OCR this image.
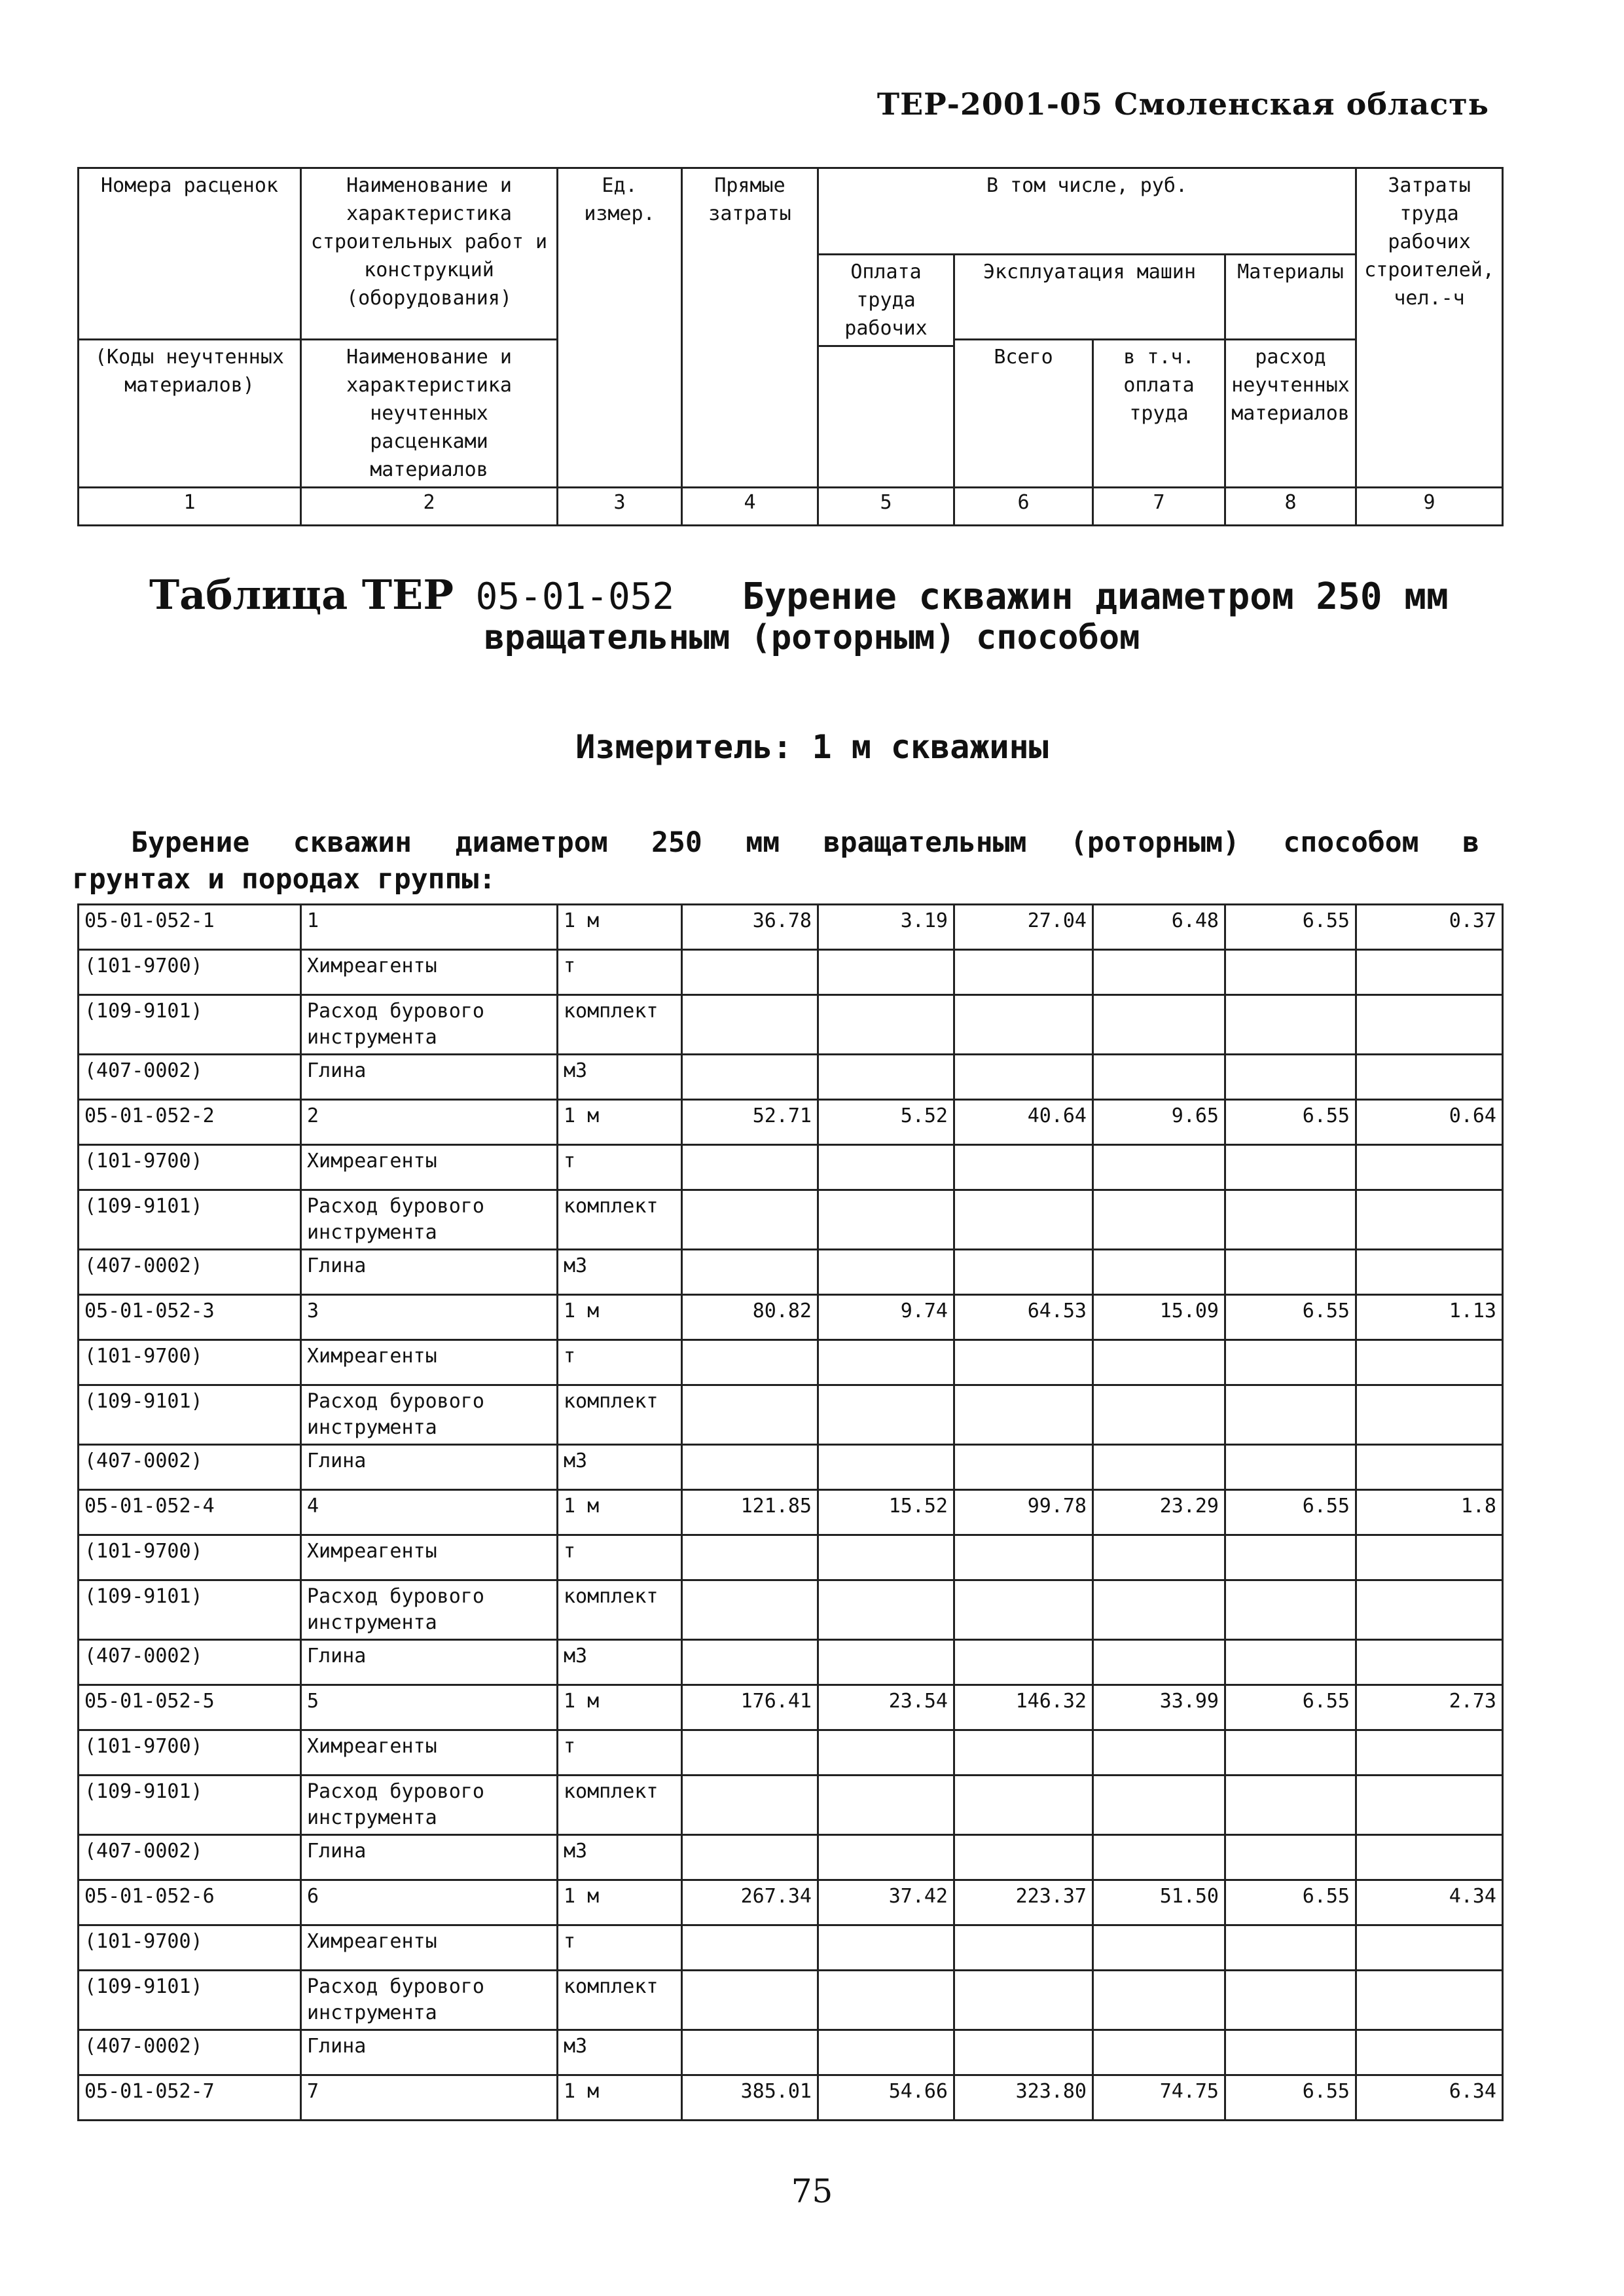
ТЕР-2001-05 Смоленская область
Номера расценок	Наименование и характеристика строительных работ и конструкций (оборудования)	Ед. измер.	Прямые затраты	В том числе, руб.				Затраты труда рабочих строителей, чел.-ч
				Оплата труда рабочих	Эксплуатация машин		Материалы	
(Коды неучтенных материалов)	Наименование и характеристика неучтенных расценками материалов				Всего	в т.ч. оплата труда	расход неучтенных материалов	

1	2	3	4	5	6	7	8	9
Таблица ТЕР 05-01-052 Бурение скважин диаметром 250 мм
вращательным (роторным) способом
Измеритель: 1 м скважины
Бурение скважин диаметром 250 мм вращательным (роторным) способом в
грунтах и породах группы:
05-01-052-1	1	1 м	36.78	3.19	27.04	6.48	6.55	0.37
(101-9700)	Химреагенты	т						
(109-9101)	Расход бурового инструмента	комплект						
(407-0002)	Глина	м3						
05-01-052-2	2	1 м	52.71	5.52	40.64	9.65	6.55	0.64
(101-9700)	Химреагенты	т						
(109-9101)	Расход бурового инструмента	комплект						
(407-0002)	Глина	м3						
05-01-052-3	3	1 м	80.82	9.74	64.53	15.09	6.55	1.13
(101-9700)	Химреагенты	т						
(109-9101)	Расход бурового инструмента	комплект						
(407-0002)	Глина	м3						
05-01-052-4	4	1 м	121.85	15.52	99.78	23.29	6.55	1.8
(101-9700)	Химреагенты	т						
(109-9101)	Расход бурового инструмента	комплект						
(407-0002)	Глина	м3						
05-01-052-5	5	1 м	176.41	23.54	146.32	33.99	6.55	2.73
(101-9700)	Химреагенты	т						
(109-9101)	Расход бурового инструмента	комплект						
(407-0002)	Глина	м3						
05-01-052-6	6	1 м	267.34	37.42	223.37	51.50	6.55	4.34
(101-9700)	Химреагенты	т						
(109-9101)	Расход бурового инструмента	комплект						
(407-0002)	Глина	м3						
05-01-052-7	7	1 м	385.01	54.66	323.80	74.75	6.55	6.34
75
